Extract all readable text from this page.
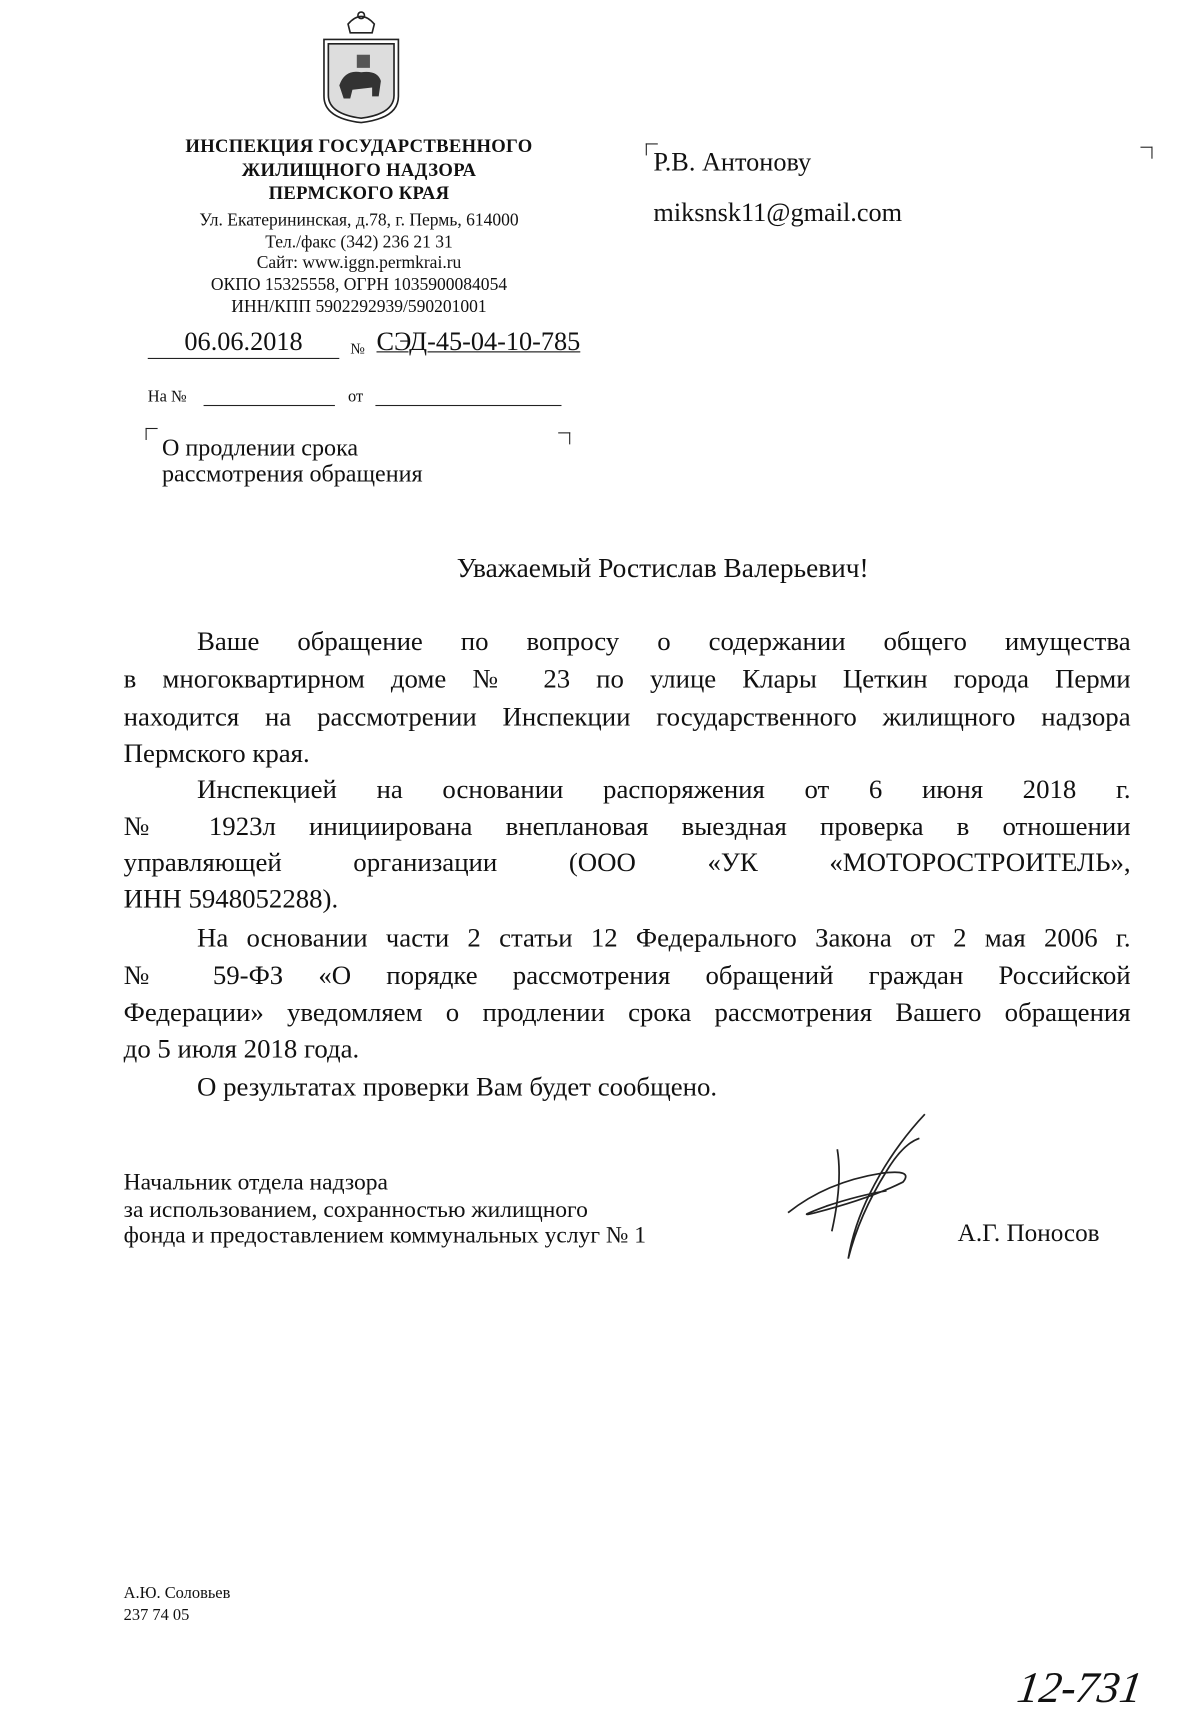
ИНСПЕКЦИЯ ГОСУДАРСТВЕННОГО
ЖИЛИЩНОГО НАДЗОРА
ПЕРМСКОГО КРАЯ
Ул. Екатерининская, д.78, г. Пермь, 614000
Тел./факс (342) 236 21 31
Сайт: www.iggn.permkrai.ru
ОКПО 15325558, ОГРН 1035900084054
ИНН/КПП 5902292939/590201001
06.06.2018	№ СЭД-45-04-10-785
На №	от
О продлении срока
рассмотрения обращения
Р.В. Антонову
miksnsk11@gmail.com
Уважаемый Ростислав Валерьевич!
Ваше обращение по вопросу о содержании общего имущества
в многоквартирном доме № 23 по улице Клары Цеткин города Перми
находится на рассмотрении Инспекции государственного жилищного надзора
Пермского края.
Инспекцией на основании распоряжения от 6 июня 2018 г.
№ 1923л инициирована внеплановая выездная проверка в отношении
управляющей организации (ООО «УК «МОТОРОСТРОИТЕЛЬ»,
ИНН 5948052288).
На основании части 2 статьи 12 Федерального Закона от 2 мая 2006 г.
№ 59-ФЗ «О порядке рассмотрения обращений граждан Российской
Федерации» уведомляем о продлении срока рассмотрения Вашего обращения
до 5 июля 2018 года.
О результатах проверки Вам будет сообщено.
Начальник отдела надзора
за использованием, сохранностью жилищного
фонда и предоставлением коммунальных услуг № 1	А.Г. Поносов
А.Ю. Соловьев
237 74 05
12-731
